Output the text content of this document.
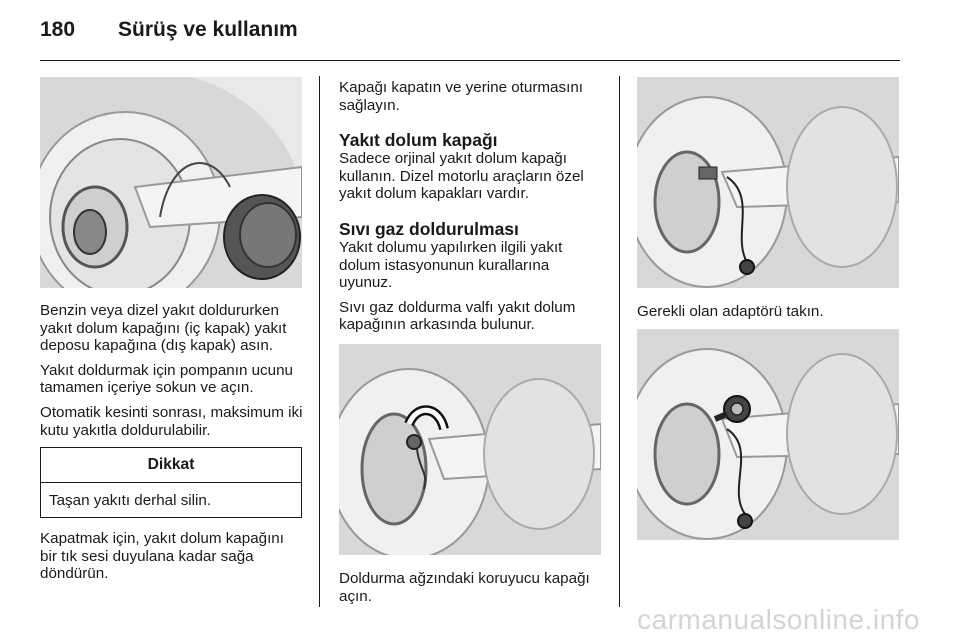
180 Sürüş ve kullanım

Benzin veya dizel yakıt doldururken yakıt dolum kapağını (iç kapak) yakıt deposu kapağına (dış kapak) asın.

Yakıt doldurmak için pompanın ucunu tamamen içeriye sokun ve açın.

Otomatik kesinti sonrası, maksimum iki kutu yakıtla doldurulabilir.

Dikkat
Taşan yakıtı derhal silin.

Kapatmak için, yakıt dolum kapağını bir tık sesi duyulana kadar sağa döndürün.

Kapağı kapatın ve yerine oturmasını sağlayın.

Yakıt dolum kapağı

Sadece orjinal yakıt dolum kapağı kullanın. Dizel motorlu araçların özel yakıt dolum kapakları vardır.

Sıvı gaz doldurulması

Yakıt dolumu yapılırken ilgili yakıt dolum istasyonunun kurallarına uyunuz.

Sıvı gaz doldurma valfı yakıt dolum kapağının arkasında bulunur.

Doldurma ağzındaki koruyucu kapağı açın.

Gerekli olan adaptörü takın.

carmanualsonline.info
